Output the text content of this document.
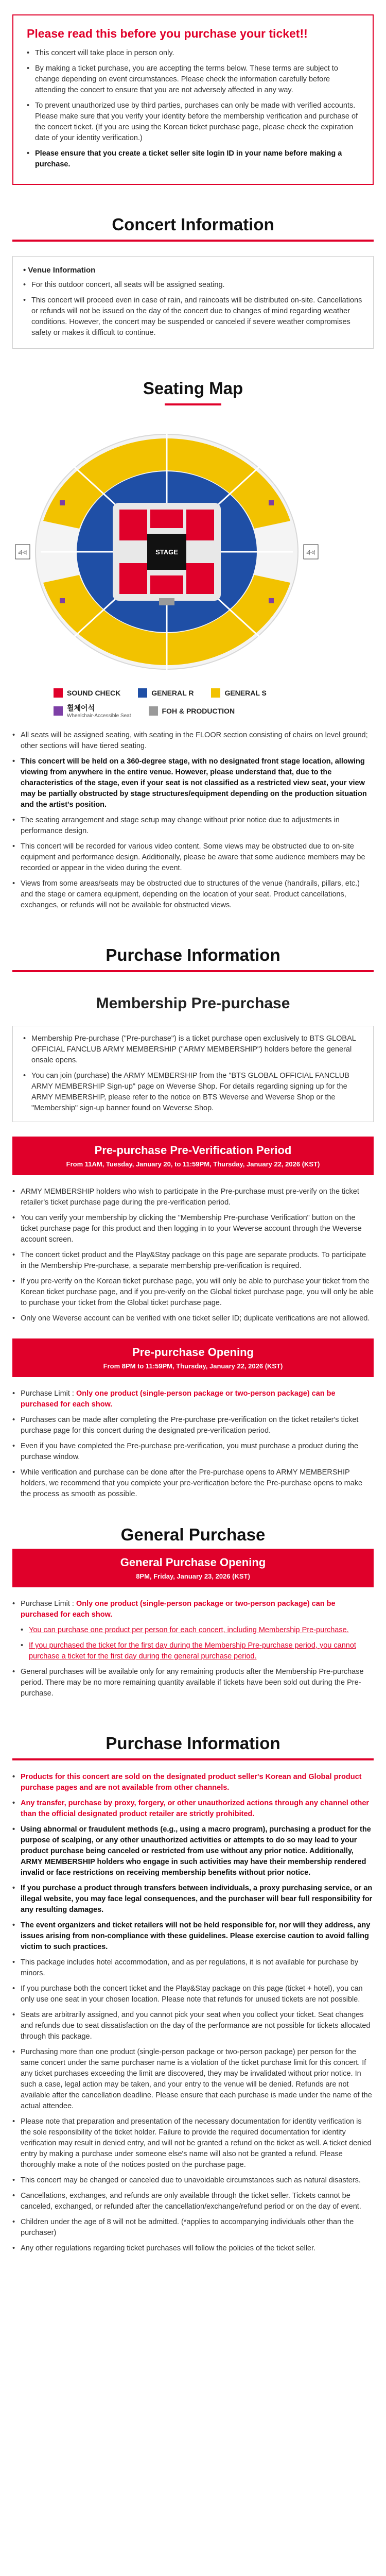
Please read this before you purchase your ticket!!
• This concert will take place in person only.
• By making a ticket purchase, you are accepting the terms below. These terms are subject to change depending on event circumstances. Please check the information carefully before attending the concert to ensure that you are not adversely affected in any way.
• To prevent unauthorized use by third parties, purchases can only be made with verified accounts. Please make sure that you verify your identity before the membership verification and purchase of the concert ticket. (If you are using the Korean ticket purchase page, please check the expiration date of your identity verification.)
• Please ensure that you create a ticket seller site login ID in your name before making a purchase.
Concert Information
• Venue Information
• For this outdoor concert, all seats will be assigned seating.
• This concert will proceed even in case of rain, and raincoats will be distributed on-site. Cancellations or refunds will not be issued on the day of the concert due to changes of mind regarding weather conditions. However, the concert may be suspended or canceled if severe weather compromises safety or makes it difficult to continue.
Seating Map
STAGE
좌석	좌석
SOUND CHECK	GENERAL R	GENERAL S
휠체어석
Wheelchair-Accessible Seat
FOH & PRODUCTION
• All seats will be assigned seating, with seating in the FLOOR section consisting of chairs on level ground; other sections will have tiered seating.
• This concert will be held on a 360-degree stage, with no designated front stage location, allowing viewing from anywhere in the entire venue. However, please understand that, due to the characteristics of the stage, even if your seat is not classified as a restricted view seat, your view may be partially obstructed by stage structures/equipment depending on the production situation and the artist's position.
• The seating arrangement and stage setup may change without prior notice due to adjustments in performance design.
• This concert will be recorded for various video content. Some views may be obstructed due to on-site equipment and performance design. Additionally, please be aware that some audience members may be recorded or appear in the video during the event.
• Views from some areas/seats may be obstructed due to structures of the venue (handrails, pillars, etc.) and the stage or camera equipment, depending on the location of your seat. Product cancellations, exchanges, or refunds will not be available for obstructed views.
Purchase Information
Membership Pre-purchase
• Membership Pre-purchase ("Pre-purchase") is a ticket purchase open exclusively to BTS GLOBAL OFFICIAL FANCLUB ARMY MEMBERSHIP ("ARMY MEMBERSHIP") holders before the general onsale opens.
• You can join (purchase) the ARMY MEMBERSHIP from the "BTS GLOBAL OFFICIAL FANCLUB ARMY MEMBERSHIP Sign-up" page on Weverse Shop. For details regarding signing up for the ARMY MEMBERSHIP, please refer to the notice on BTS Weverse and Weverse Shop or the "Membership" sign-up banner found on Weverse Shop.
Pre-purchase Pre-Verification Period
From 11AM, Tuesday, January 20, to 11:59PM, Thursday, January 22, 2026 (KST)
• ARMY MEMBERSHIP holders who wish to participate in the Pre-purchase must pre-verify on the ticket retailer's ticket purchase page during the pre-verification period.
• You can verify your membership by clicking the "Membership Pre-purchase Verification" button on the ticket purchase page for this product and then logging in to your Weverse account through the Weverse account screen.
• The concert ticket product and the Play&Stay package on this page are separate products. To participate in the Membership Pre-purchase, a separate membership pre-verification is required.
• If you pre-verify on the Korean ticket purchase page, you will only be able to purchase your ticket from the Korean ticket purchase page, and if you pre-verify on the Global ticket purchase page, you will only be able to purchase your ticket from the Global ticket purchase page.
• Only one Weverse account can be verified with one ticket seller ID; duplicate verifications are not allowed.
Pre-purchase Opening
From 8PM to 11:59PM, Thursday, January 22, 2026 (KST)
• Purchase Limit : Only one product (single-person package or two-person package) can be purchased for each show.
• Purchases can be made after completing the Pre-purchase pre-verification on the ticket retailer's ticket purchase page for this concert during the designated pre-verification period.
• Even if you have completed the Pre-purchase pre-verification, you must purchase a product during the purchase window.
• While verification and purchase can be done after the Pre-purchase opens to ARMY MEMBERSHIP holders, we recommend that you complete your pre-verification before the Pre-purchase opens to make the process as smooth as possible.
General Purchase
General Purchase Opening
8PM, Friday, January 23, 2026 (KST)
• Purchase Limit : Only one product (single-person package or two-person package) can be purchased for each show.
• You can purchase one product per person for each concert, including Membership Pre-purchase.
• If you purchased the ticket for the first day during the Membership Pre-purchase period, you cannot purchase a ticket for the first day during the general purchase period.
• General purchases will be available only for any remaining products after the Membership Pre-purchase period. There may be no more remaining quantity available if tickets have been sold out during the Pre-purchase.
Purchase Information
• Products for this concert are sold on the designated product seller's Korean and Global product purchase pages and are not available from other channels.
• Any transfer, purchase by proxy, forgery, or other unauthorized actions through any channel other than the official designated product retailer are strictly prohibited.
• Using abnormal or fraudulent methods (e.g., using a macro program), purchasing a product for the purpose of scalping, or any other unauthorized activities or attempts to do so may lead to your product purchase being canceled or restricted from use without any prior notice. Additionally, ARMY MEMBERSHIP holders who engage in such activities may have their membership rendered invalid or face restrictions on receiving membership benefits without prior notice.
• If you purchase a product through transfers between individuals, a proxy purchasing service, or an illegal website, you may face legal consequences, and the purchaser will bear full responsibility for any resulting damages.
• The event organizers and ticket retailers will not be held responsible for, nor will they address, any issues arising from non-compliance with these guidelines. Please exercise caution to avoid falling victim to such practices.
• This package includes hotel accommodation, and as per regulations, it is not available for purchase by minors.
• If you purchase both the concert ticket and the Play&Stay package on this page (ticket + hotel), you can only use one seat in your chosen location. Please note that refunds for unused tickets are not possible.
• Seats are arbitrarily assigned, and you cannot pick your seat when you collect your ticket. Seat changes and refunds due to seat dissatisfaction on the day of the performance are not possible for tickets allocated through this package.
• Purchasing more than one product (single-person package or two-person package) per person for the same concert under the same purchaser name is a violation of the ticket purchase limit for this concert. If any ticket purchases exceeding the limit are discovered, they may be invalidated without prior notice. In such a case, legal action may be taken, and your entry to the venue will be denied. Refunds are not available after the cancellation deadline. Please ensure that each purchase is made under the name of the actual attendee.
• Please note that preparation and presentation of the necessary documentation for identity verification is the sole responsibility of the ticket holder. Failure to provide the required documentation for identity verification may result in denied entry, and will not be granted a refund on the ticket as well. A ticket denied entry by making a purchase under someone else's name will also not be granted a refund. Please thoroughly make a note of the notices posted on the purchase page.
• This concert may be changed or canceled due to unavoidable circumstances such as natural disasters.
• Cancellations, exchanges, and refunds are only available through the ticket seller. Tickets cannot be canceled, exchanged, or refunded after the cancellation/exchange/refund period or on the day of event.
• Children under the age of 8 will not be admitted. (*applies to accompanying individuals other than the purchaser)
• Any other regulations regarding ticket purchases will follow the policies of the ticket seller.
